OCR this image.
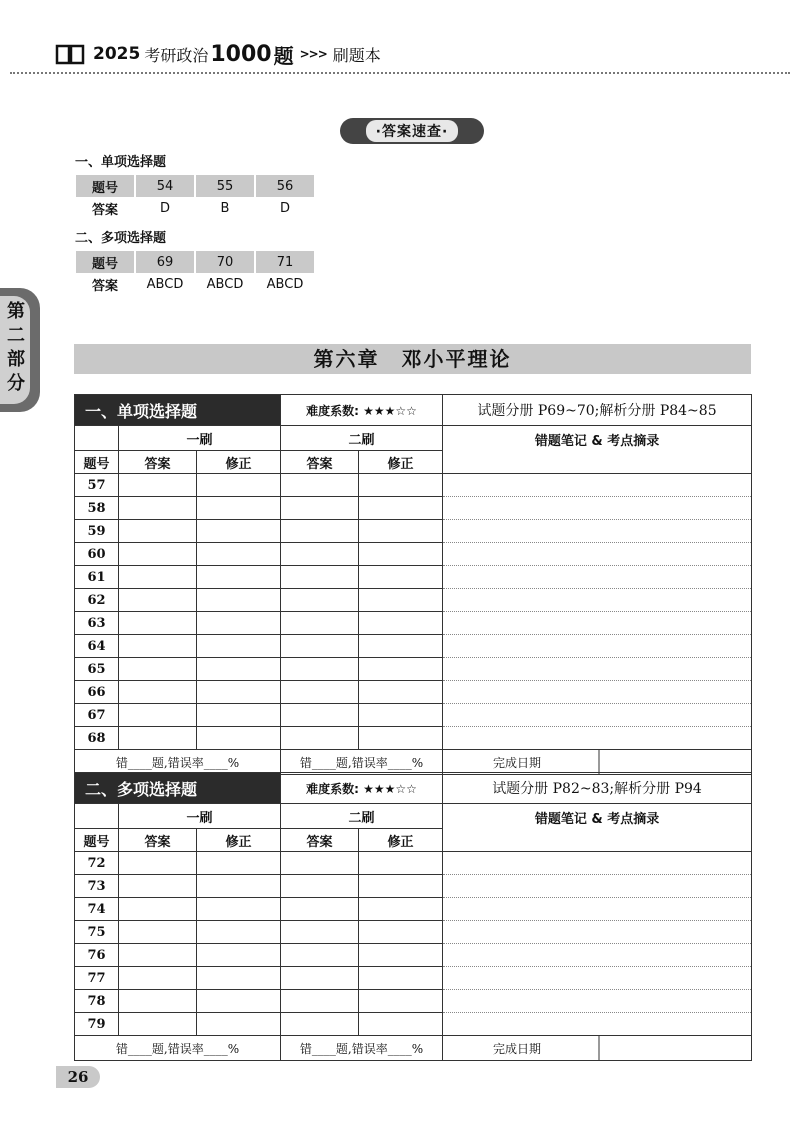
2025 考研政治 1000 题 >>> 刷题本
·答案速查·
一、单项选择题
题号	54	55	56
答案	D	B	D
二、多项选择题
题号	69	70	71
答案	ABCD	ABCD	ABCD
第二部分
第六章 邓小平理论
一、单项选择题			难度系数: ★★★☆☆		试题分册 P69~70;解析分册 P84~85
	一刷		二刷		错题笔记 & 考点摘录
题号	答案	修正	答案	修正	
57					
58					
59					
60					
61					
62					
63					
64					
65					
66					
67					
68					
错____题,错误率____%			错____题,错误率____%		完成日期
二、多项选择题			难度系数: ★★★☆☆		试题分册 P82~83;解析分册 P94
	一刷		二刷		错题笔记 & 考点摘录
题号	答案	修正	答案	修正	
72					
73					
74					
75					
76					
77					
78					
79					
错____题,错误率____%			错____题,错误率____%		完成日期
26
